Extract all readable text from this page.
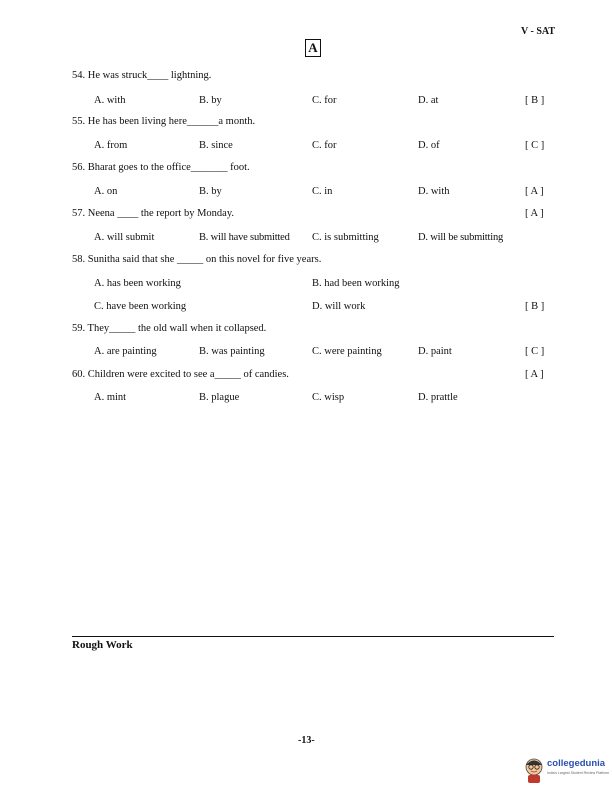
V - SAT
A
54. He was struck____ lightning.
A. with	B. by	C. for	D. at	[ B ]
55. He has been living here______a month.
A. from	B. since	C. for	D. of	[ C ]
56. Bharat goes to the office_______ foot.
A. on	B. by	C. in	D. with	[ A ]
57. Neena ____ the report by Monday.	[ A ]
A. will submit	B. will have submitted C. is submitting	D. will be submitting
58. Sunitha said that she _____ on this novel for five years.
A. has been working	B. had been working
C. have been working	D. will work	[ B ]
59. They_____ the old wall when it collapsed.
A. are painting	B. was painting	C. were painting	D. paint	[ C ]
60. Children were excited to see a_____ of candies.	[ A ]
A. mint	B. plague	C. wisp	D. prattle
Rough Work
-13-
collegedunia
India's Largest Student Review Platform
